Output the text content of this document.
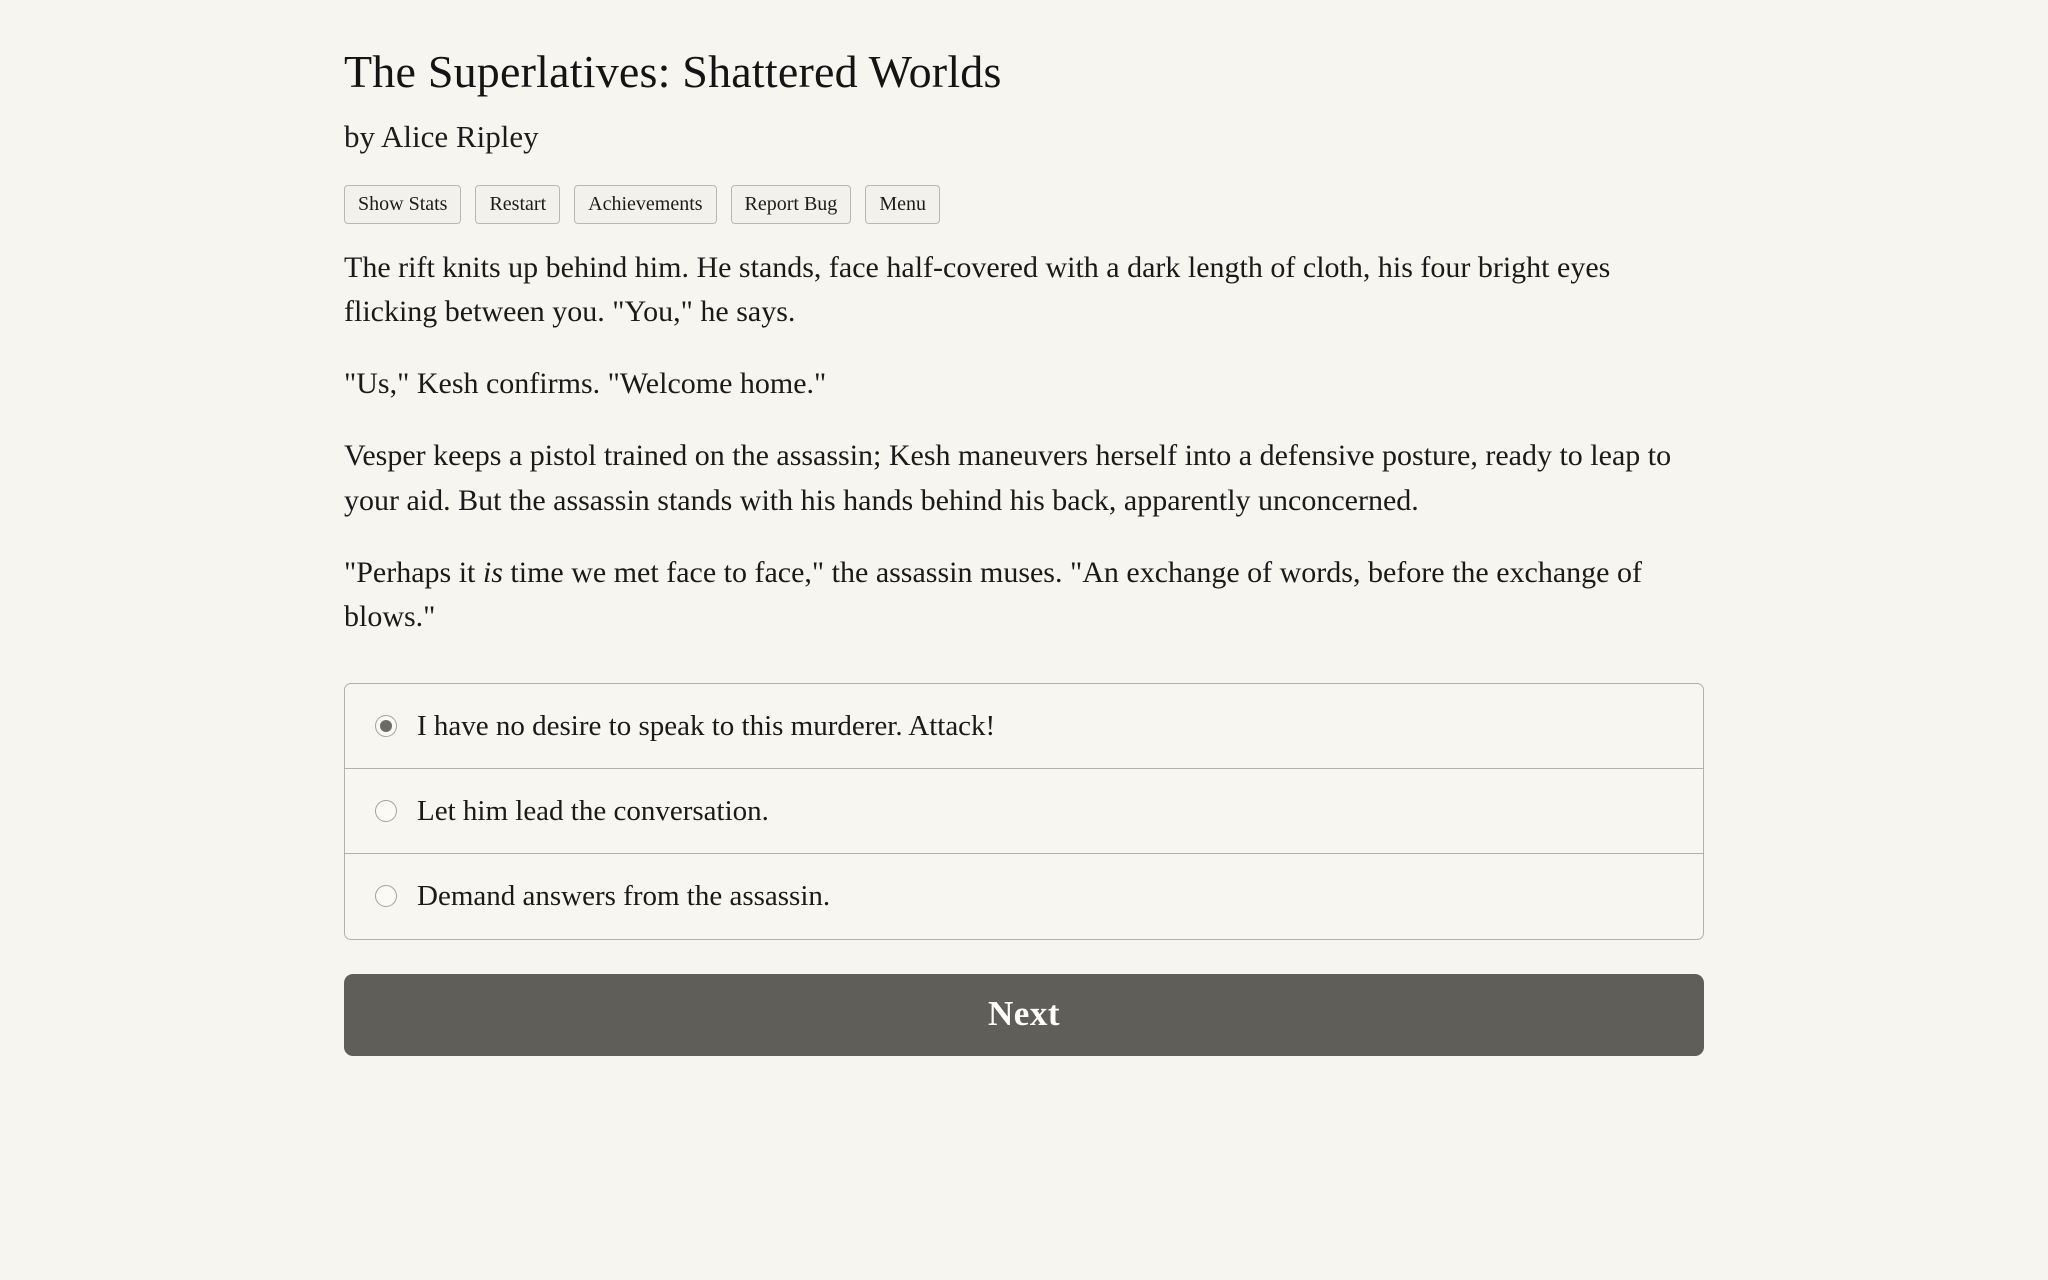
The Superlatives: Shattered Worlds
by Alice Ripley
Show Stats	Restart	Achievements	Report Bug	Menu

The rift knits up behind him. He stands, face half-covered with a dark length of cloth, his four bright eyes flicking between you. "You," he says.

"Us," Kesh confirms. "Welcome home."

Vesper keeps a pistol trained on the assassin; Kesh maneuvers herself into a defensive posture, ready to leap to your aid. But the assassin stands with his hands behind his back, apparently unconcerned.

"Perhaps it is time we met face to face," the assassin muses. "An exchange of words, before the exchange of blows."

I have no desire to speak to this murderer. Attack!
Let him lead the conversation.
Demand answers from the assassin.
Next
